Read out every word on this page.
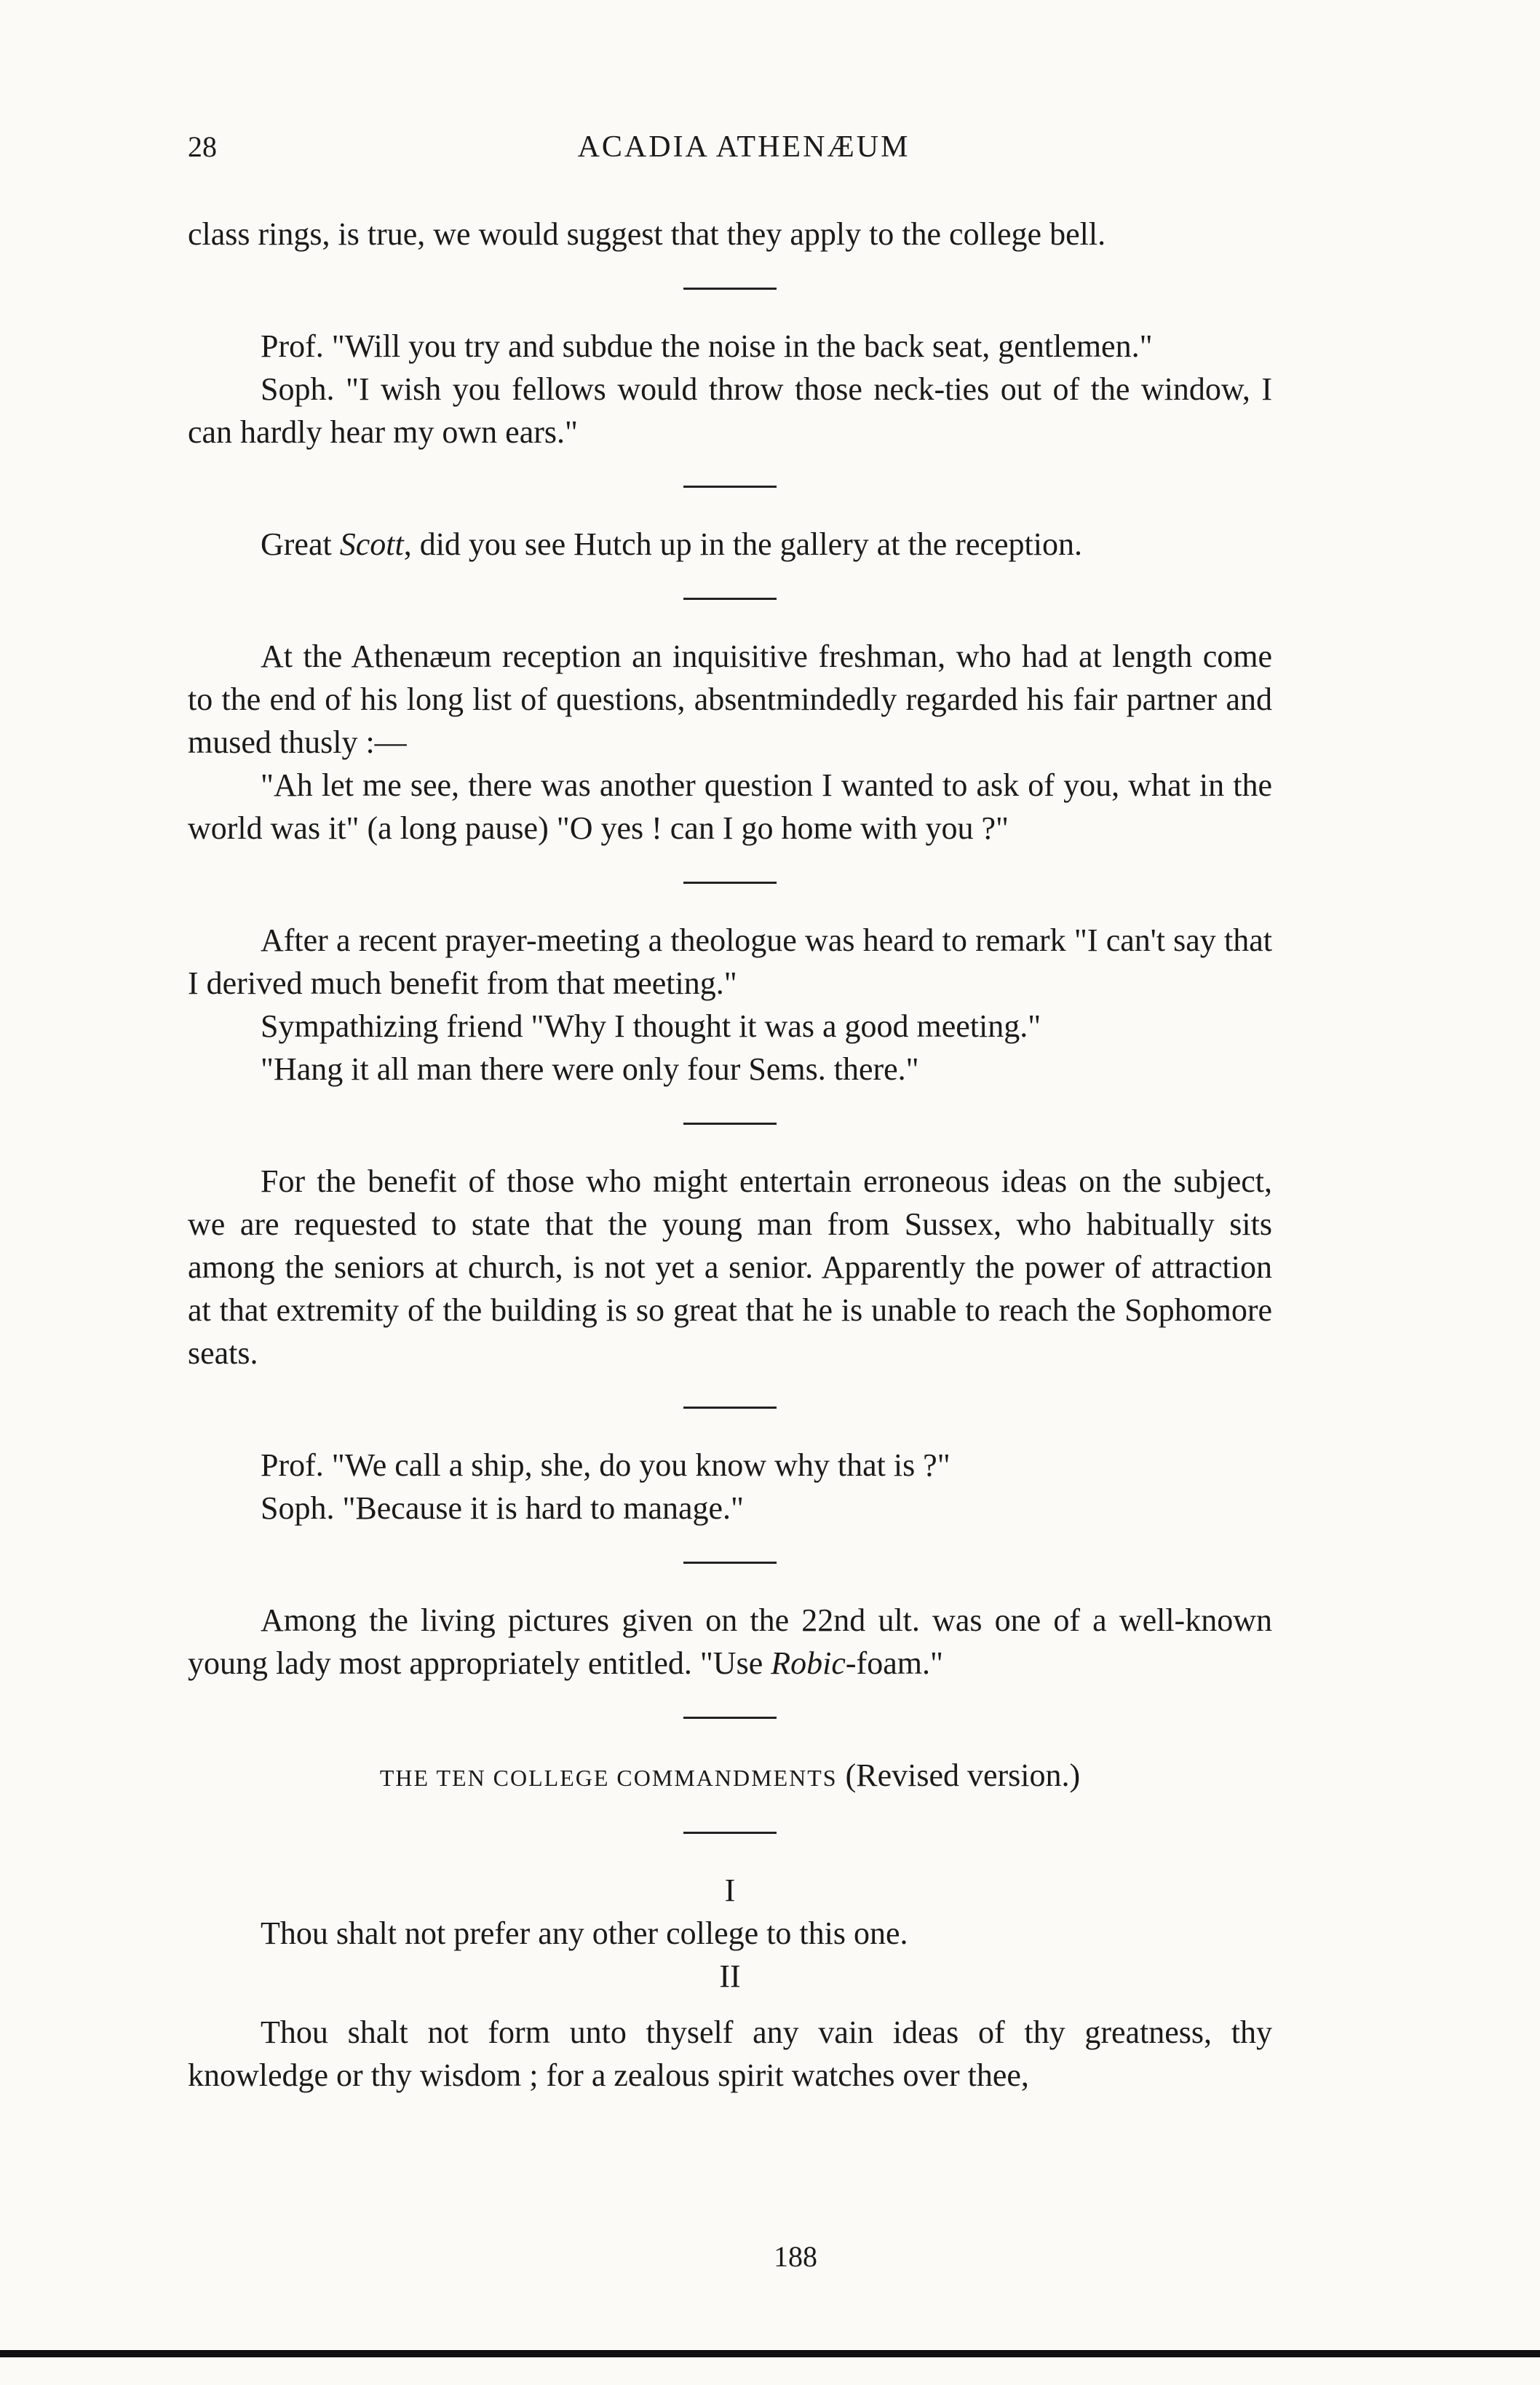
28	ACADIA ATHENÆUM

class rings, is true, we would suggest that they apply to the college bell.

Prof. "Will you try and subdue the noise in the back seat, gentlemen."

Soph. "I wish you fellows would throw those neck-ties out of the window, I can hardly hear my own ears."

Great Scott, did you see Hutch up in the gallery at the reception.

At the Athenæum reception an inquisitive freshman, who had at length come to the end of his long list of questions, absentmindedly regarded his fair partner and mused thusly :—

"Ah let me see, there was another question I wanted to ask of you, what in the world was it" (a long pause) "O yes ! can I go home with you ?"

After a recent prayer-meeting a theologue was heard to remark "I can't say that I derived much benefit from that meeting."

Sympathizing friend "Why I thought it was a good meeting."

"Hang it all man there were only four Sems. there."

For the benefit of those who might entertain erroneous ideas on the subject, we are requested to state that the young man from Sussex, who habitually sits among the seniors at church, is not yet a senior. Apparently the power of attraction at that extremity of the building is so great that he is unable to reach the Sophomore seats.

Prof. "We call a ship, she, do you know why that is ?"

Soph. "Because it is hard to manage."

Among the living pictures given on the 22nd ult. was one of a well-known young lady most appropriately entitled. "Use Robic-foam."

THE TEN COLLEGE COMMANDMENTS (Revised version.)

I

Thou shalt not prefer any other college to this one.

II

Thou shalt not form unto thyself any vain ideas of thy greatness, thy knowledge or thy wisdom ; for a zealous spirit watches over thee,

188
